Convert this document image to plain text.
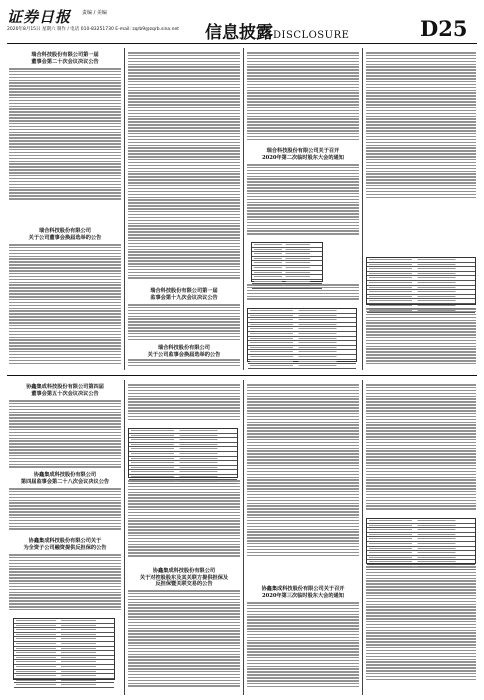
证券日报 责编 / 美编
2020年8月15日 星期六 制作 / 电话 010-83251730 E-mail: zqrb9@zqrb.sina.net 信息披露DISCLOSURE	D25
瑞合科技股份有限公司第一届
董事会第二十次会议决议公告
瑞合科技股份有限公司
关于公司董事会换届选举的公告
瑞合科技股份有限公司第一届
监事会第十九次会议决议公告
瑞合科技股份有限公司
关于公司监事会换届选举的公告
瑞合科技股份有限公司关于召开
2020年第二次临时股东大会的通知
协鑫集成科技股份有限公司第四届
董事会第五十次会议决议公告
协鑫集成科技股份有限公司
第四届监事会第二十八次会议决议公告
协鑫集成科技股份有限公司关于
为全资子公司融资提供反担保的公告
协鑫集成科技股份有限公司
关于对控股股东及其关联方提供担保及
反担保暨关联交易的公告
协鑫集成科技股份有限公司关于召开
2020年第三次临时股东大会的通知
